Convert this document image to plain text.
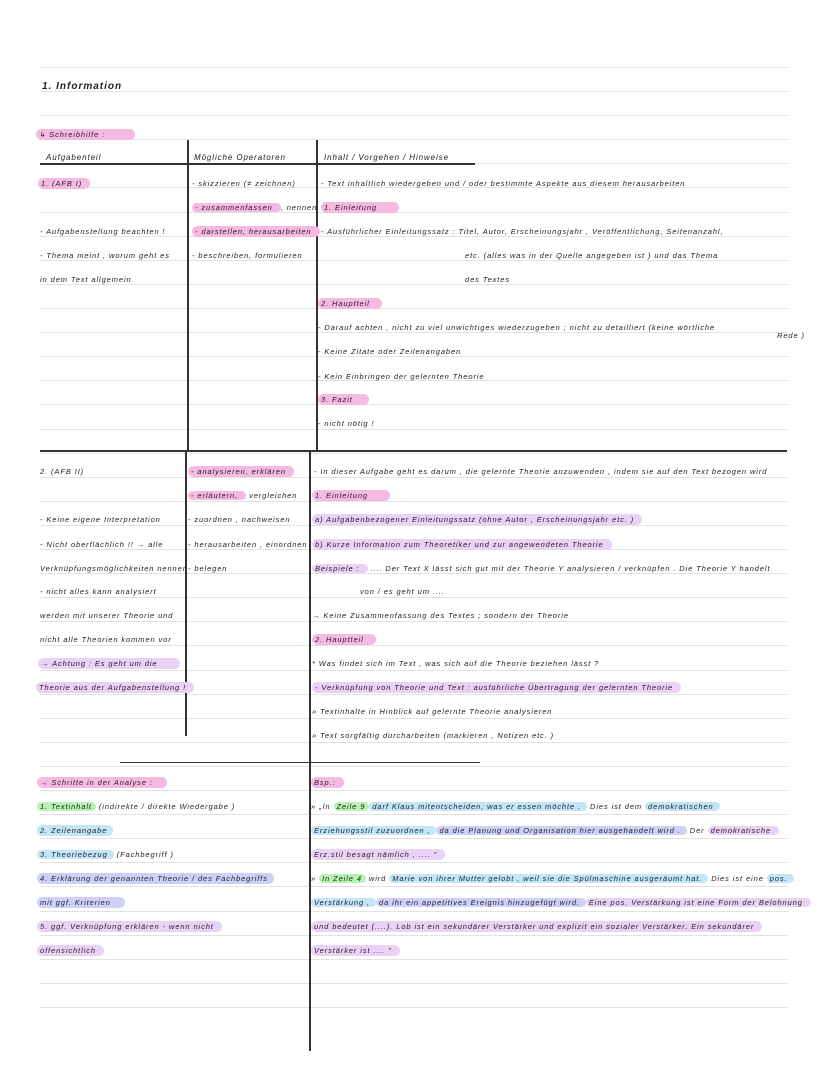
1. Information
↳ Schreibhilfe :
Aufgabenteil	Mögliche Operatoren	Inhalt / Vorgehen / Hinweise
1. (AFB I)
- Aufgabenstellung beachten !
- Thema meint , worum geht es
in dem Text allgemein
- skizzieren (≠ zeichnen)
- zusammenfassen , nennen
- darstellen, herausarbeiten
- beschreiben, formulieren
- Text inhaltlich wiedergeben und / oder bestimmte Aspekte aus diesem herausarbeiten
1. Einleitung
- Ausführlicher Einleitungssatz : Titel, Autor, Erscheinungsjahr , Veröffentlichung, Seitenanzahl,
etc. (alles was in der Quelle angegeben ist ) und das Thema
des Textes
2. Hauptteil
- Darauf achten , nicht zu viel unwichtiges wiederzugeben ; nicht zu detailliert (keine wörtliche
Rede )
- Keine Zitate oder Zeilenangaben
- Kein Einbringen der gelernten Theorie
3. Fazit
- nicht nötig !
2. (AFB II)
- Keine eigene Interpretation
- Nicht oberflächlich !! → alle
Verknüpfungsmöglichkeiten nennen
- nicht alles kann analysiert
werden mit unserer Theorie und
nicht alle Theorien kommen vor
→ Achtung : Es geht um die
Theorie aus der Aufgabenstellung !
- analysieren, erklären
- erläutern, vergleichen
- zuordnen , nachweisen
- herausarbeiten , einordnen
- belegen
- In dieser Aufgabe geht es darum , die gelernte Theorie anzuwenden , indem sie auf den Text bezogen wird
1. Einleitung
a) Aufgabenbezogener Einleitungssatz (ohne Autor , Erscheinungsjahr etc. )
b) Kurze Information zum Theoretiker und zur angewendeten Theorie
Beispiele : .... Der Text X lässt sich gut mit der Theorie Y analysieren / verknüpfen . Die Theorie Y handelt
von / es geht um ....
→ Keine Zusammenfassung des Textes ; sondern der Theorie
2. Hauptteil
* Was findet sich im Text , was sich auf die Theorie beziehen lässt ?
- Verknüpfung von Theorie und Text : ausführliche Übertragung der gelernten Theorie
» Textinhalte in Hinblick auf gelernte Theorie analysieren
» Text sorgfältig durcharbeiten (markieren , Notizen etc. )
→ Schritte in der Analyse :
1. Textinhalt (indirekte / direkte Wiedergabe )
2. Zeilenangabe
3. Theoriebezug (Fachbegriff )
4. Erklärung der genannten Theorie / des Fachbegriffs
mit ggf. Kriterien
5. ggf. Verknüpfung erklären - wenn nicht
offensichtlich
Bsp.:
» „In Zeile 9 darf Klaus mitentscheiden, was er essen möchte . Dies ist dem demokratischen
Erziehungsstil zuzuordnen , da die Planung und Organisation hier ausgehandelt wird . Der demokratische
Erz.stil besagt nämlich , .... "
» In Zeile 4 wird Marie von ihrer Mutter gelobt , weil sie die Spülmaschine ausgeräumt hat. Dies ist eine pos.
Verstärkung , da ihr ein appetitives Ereignis hinzugefügt wird. Eine pos. Verstärkung ist eine Form der Belohnung
und bedeutet (....). Lob ist ein sekundärer Verstärker und explizit ein sozialer Verstärker. Ein sekundärer
Verstärker ist .... "
